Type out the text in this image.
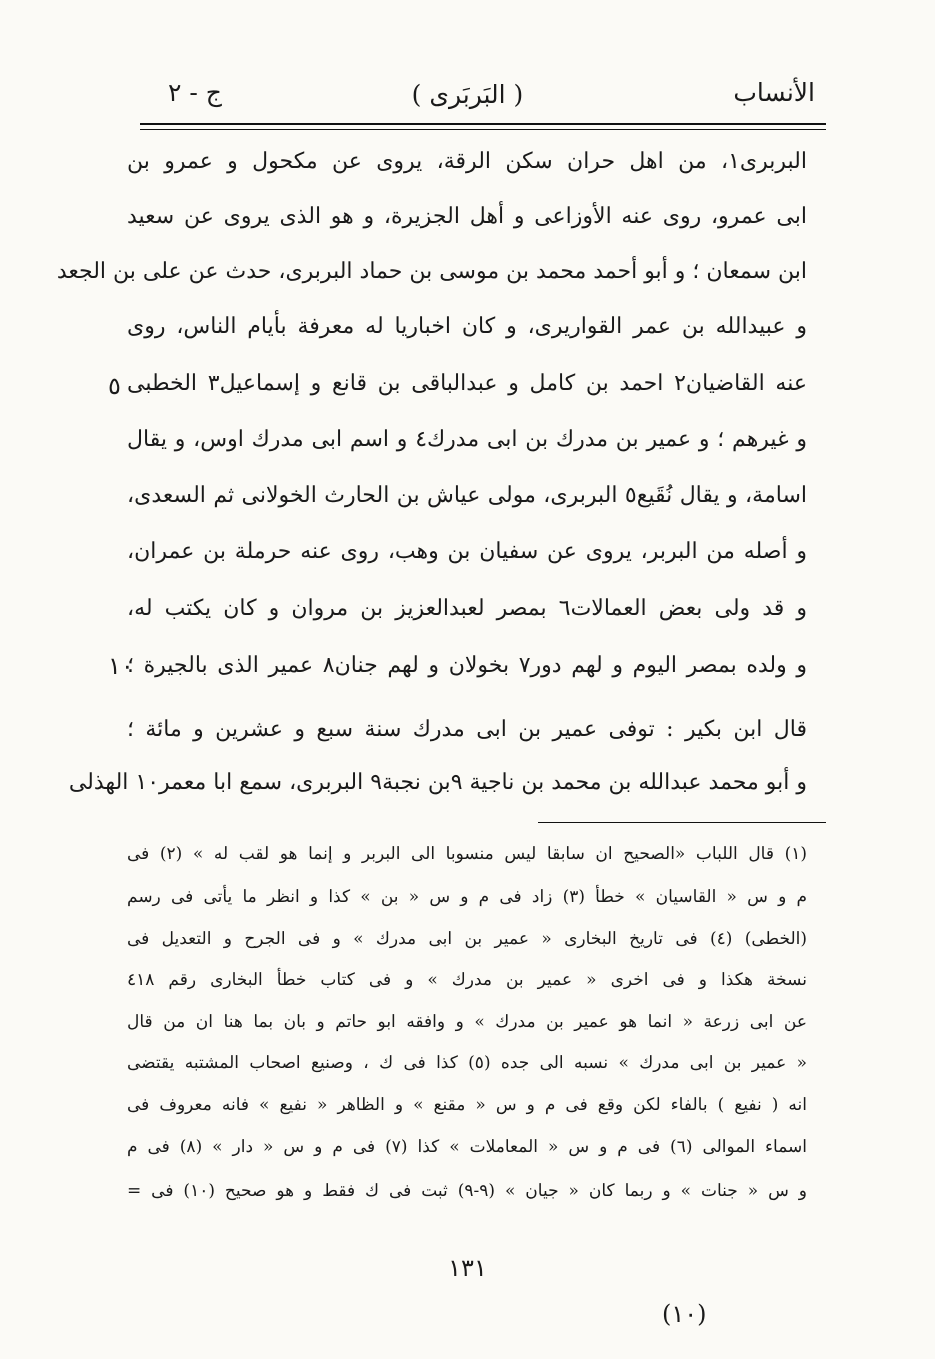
( البَربَرى )
ج - ٢	الأنساب
البربرى١، من اهل حران سكن الرقة، يروى عن مكحول و عمرو بن
ابى عمرو، روى عنه الأوزاعى و أهل الجزيرة، و هو الذى يروى عن سعيد
ابن سمعان ؛ و أبو أحمد محمد بن موسى بن حماد البربرى، حدث عن على بن الجعد
و عبيدالله بن عمر القواريرى، و كان اخباريا له معرفة بأيام الناس، روى
عنه القاضيان٢ احمد بن كامل و عبدالباقى بن قانع و إسماعيل٣ الخطبى
و غيرهم ؛ و عمير بن مدرك بن ابى مدرك٤ و اسم ابى مدرك اوس، و يقال
اسامة، و يقال نُقَيع٥ البربرى، مولى عياش بن الحارث الخولانى ثم السعدى،
و أصله من البربر، يروى عن سفيان بن وهب، روى عنه حرملة بن عمران،
و قد ولى بعض العمالات٦ بمصر لعبدالعزيز بن مروان و كان يكتب له،
و ولده بمصر اليوم و لهم دور٧ بخولان و لهم جنان٨ عمير الذى بالجيرة ؛
قال ابن بكير : توفى عمير بن ابى مدرك سنة سبع و عشرين و مائة ؛
و أبو محمد عبدالله بن محمد بن ناجية ٩بن نجبة٩ البربرى، سمع ابا معمر١٠ الهذلى
٥
١٠
(١) قال اللباب «الصحيح ان سابقا ليس منسوبا الى البربر و إنما هو لقب له » (٢) فى
م و س « القاسيان » خطأ (٣) زاد فى م و س « بن » كذا و انظر ما يأتى فى رسم
(الخطى) (٤) فى تاريخ البخارى « عمير بن ابى مدرك » و فى الجرح و التعديل فى
نسخة هكذا و فى اخرى « عمير بن مدرك » و فى كتاب خطأ البخارى رقم ٤١٨
عن ابى زرعة « انما هو عمير بن مدرك » و وافقه ابو حاتم و بان بما هنا ان من قال
« عمير بن ابى مدرك » نسبه الى جده (٥) كذا فى ك ، وصنيع اصحاب المشتبه يقتضى
انه ( نفيع ) بالفاء لكن وقع فى م و س « مقنع » و الظاهر « نفيع » فانه معروف فى
اسماء الموالى (٦) فى م و س « المعاملات » كذا (٧) فى م و س « دار » (٨) فى م
و س « جنات » و ربما كان « جيان » (٩-٩) ثبت فى ك فقط و هو صحيح (١٠) فى =
١٣١
(١٠)
